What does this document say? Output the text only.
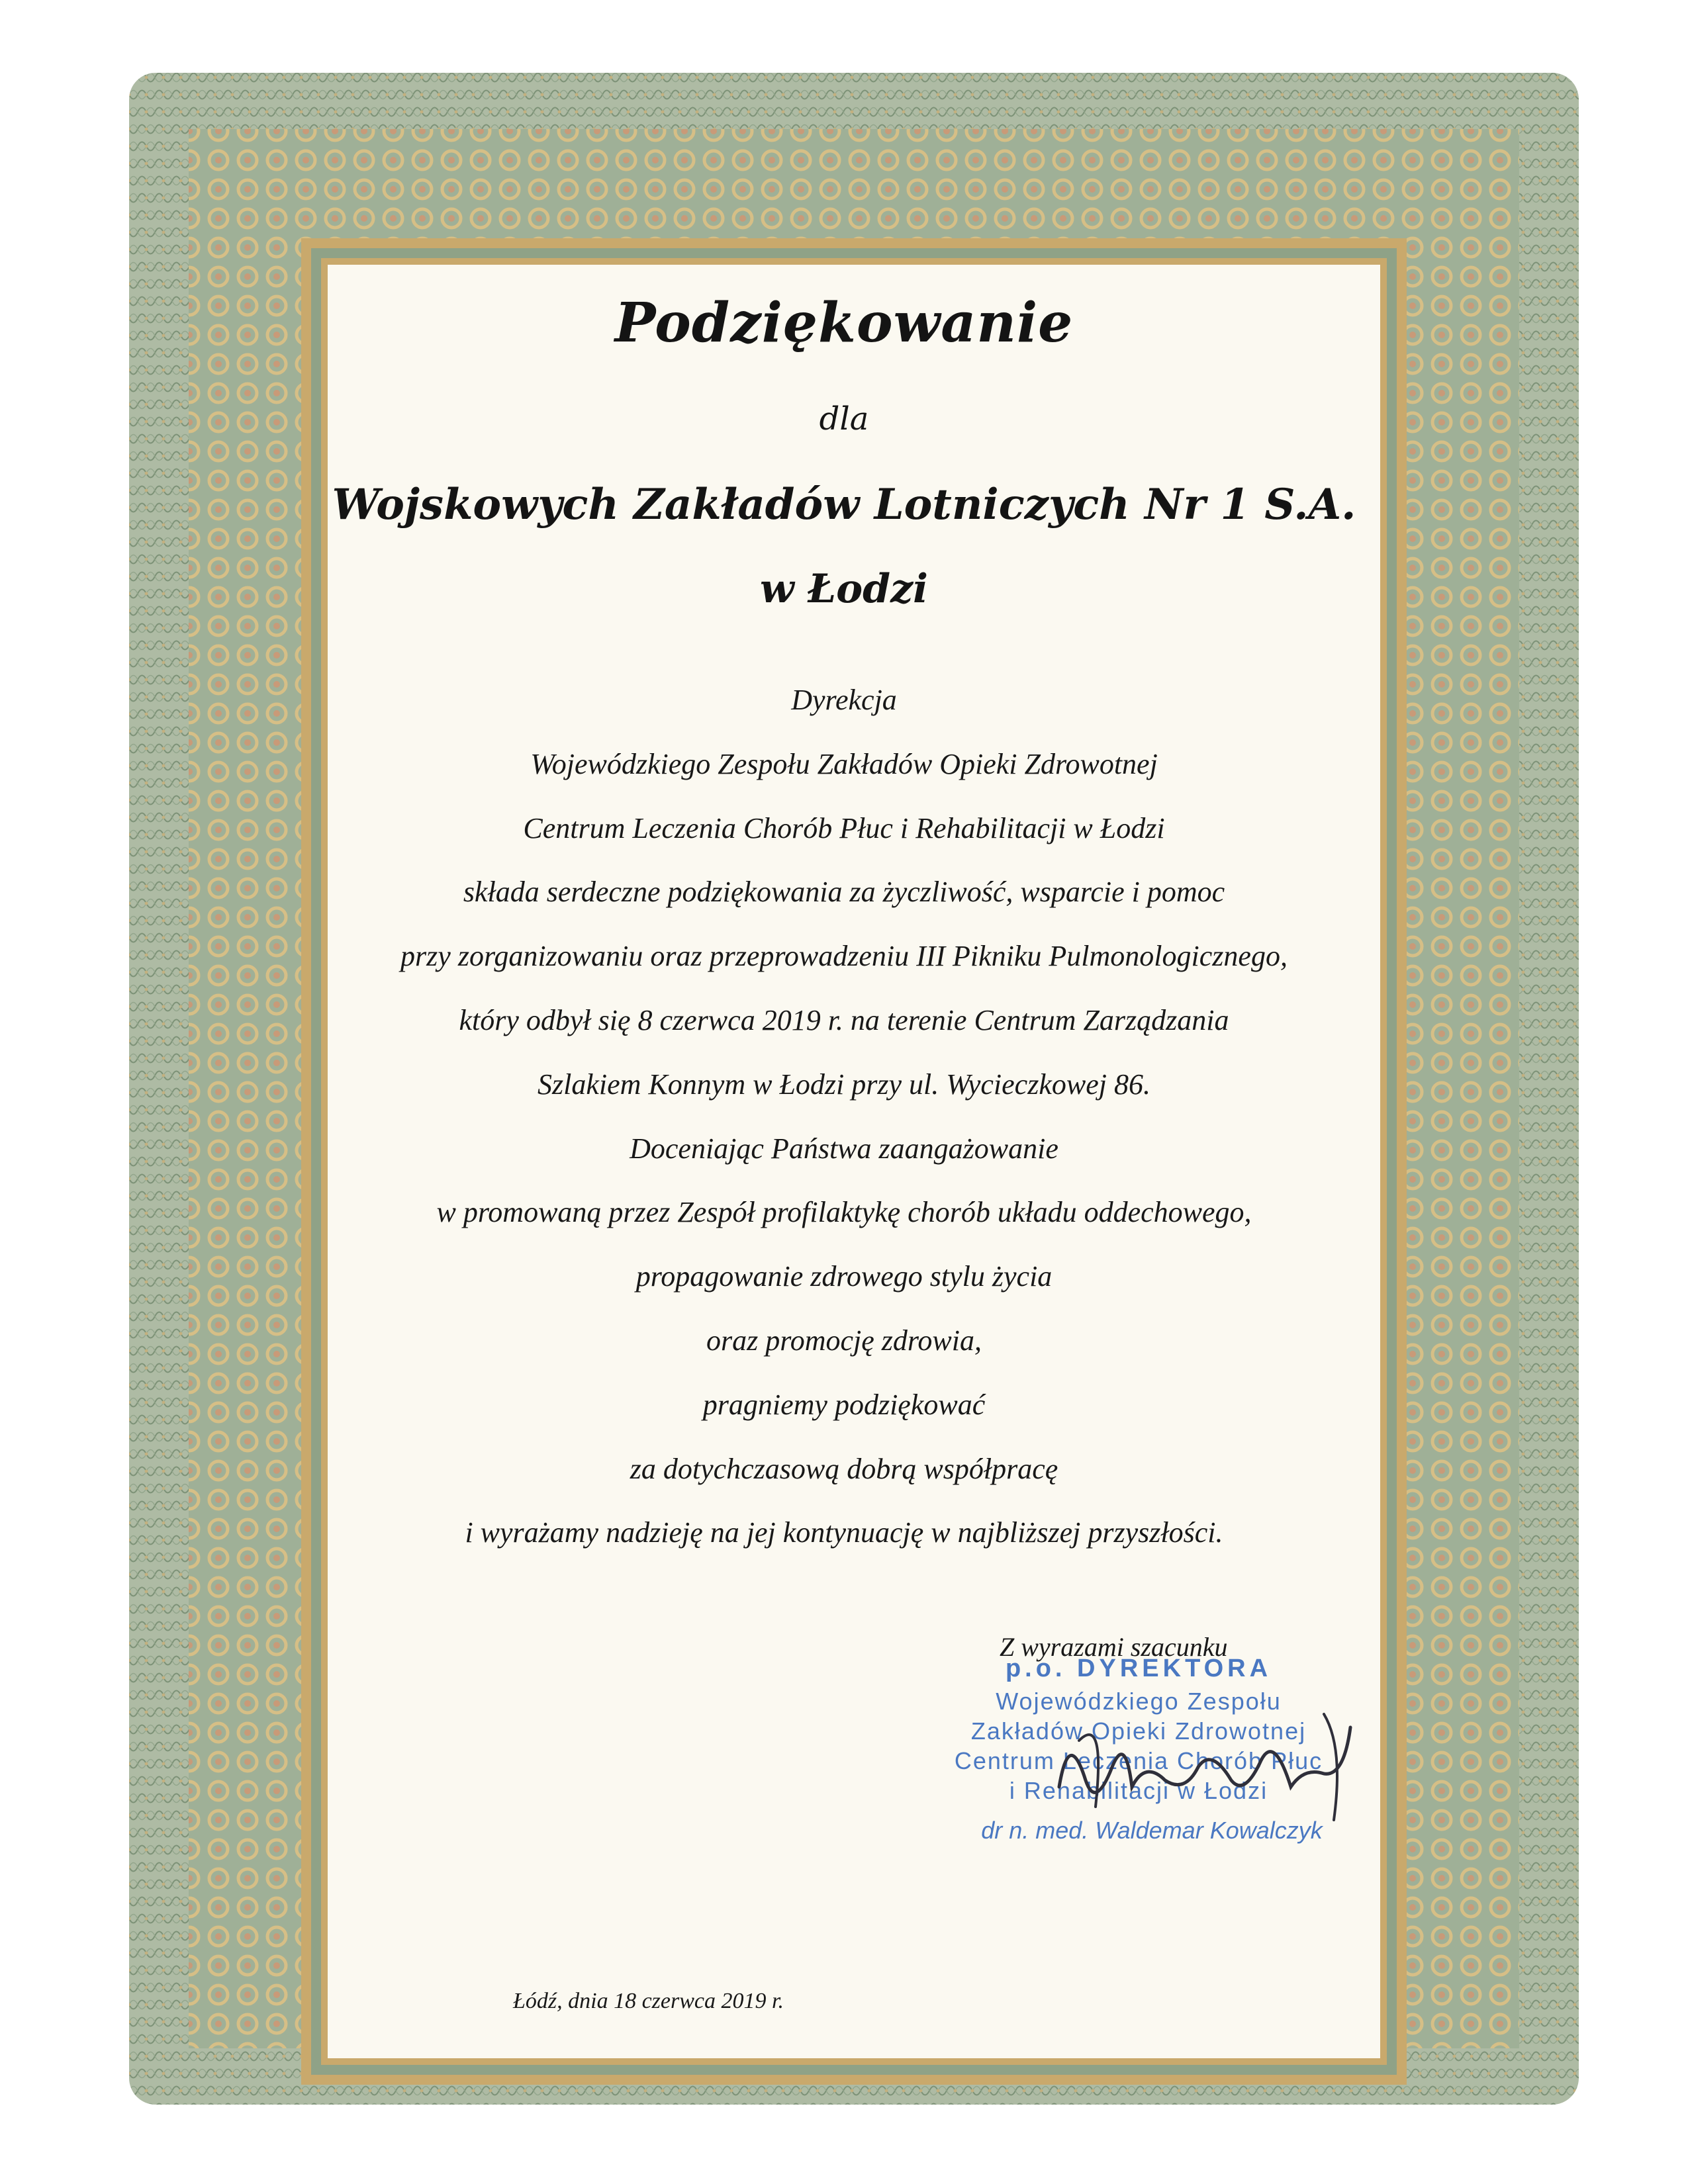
Podziękowanie
dla
Wojskowych Zakładów Lotniczych Nr 1 S.A.
w Łodzi
Dyrekcja
Wojewódzkiego Zespołu Zakładów Opieki Zdrowotnej
Centrum Leczenia Chorób Płuc i Rehabilitacji w Łodzi
składa serdeczne podziękowania za życzliwość, wsparcie i pomoc
przy zorganizowaniu oraz przeprowadzeniu III Pikniku Pulmonologicznego,
który odbył się 8 czerwca 2019 r. na terenie Centrum Zarządzania
Szlakiem Konnym w Łodzi przy ul. Wycieczkowej 86.
Doceniając Państwa zaangażowanie
w promowaną przez Zespół profilaktykę chorób układu oddechowego,
propagowanie zdrowego stylu życia
oraz promocję zdrowia,
pragniemy podziękować
za dotychczasową dobrą współpracę
i wyrażamy nadzieję na jej kontynuację w najbliższej przyszłości.
Z wyrazami szacunku
p.o. DYREKTORA
Wojewódzkiego Zespołu
Zakładów Opieki Zdrowotnej
Centrum Leczenia Chorób Płuc
i Rehabilitacji w Łodzi
dr n. med. Waldemar Kowalczyk
Łódź, dnia 18 czerwca 2019 r.
